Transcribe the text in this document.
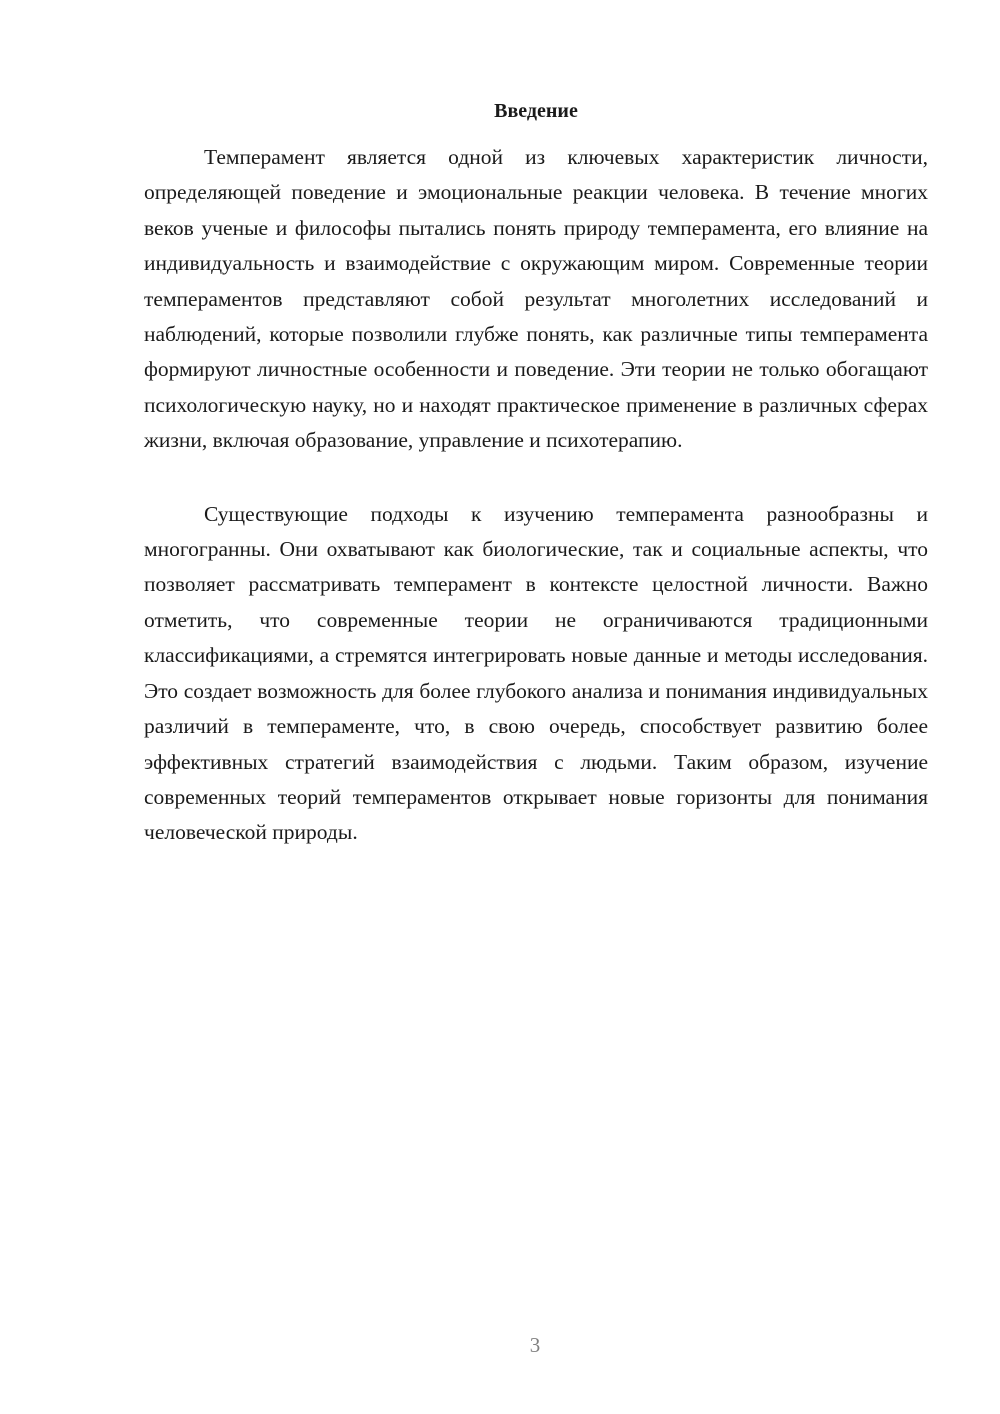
Введение

Темперамент является одной из ключевых характеристик личности, определяющей поведение и эмоциональные реакции человека. В течение многих веков ученые и философы пытались понять природу темперамента, его влияние на индивидуальность и взаимодействие с окружающим миром. Современные теории темпераментов представляют собой результат многолетних исследований и наблюдений, которые позволили глубже понять, как различные типы темперамента формируют личностные особенности и поведение. Эти теории не только обогащают психологическую науку, но и находят практическое применение в различных сферах жизни, включая образование, управление и психотерапию.

Существующие подходы к изучению темперамента разнообразны и многогранны. Они охватывают как биологические, так и социальные аспекты, что позволяет рассматривать темперамент в контексте целостной личности. Важно отметить, что современные теории не ограничиваются традиционными классификациями, а стремятся интегрировать новые данные и методы исследования. Это создает возможность для более глубокого анализа и понимания индивидуальных различий в темпераменте, что, в свою очередь, способствует развитию более эффективных стратегий взаимодействия с людьми. Таким образом, изучение современных теорий темпераментов открывает новые горизонты для понимания человеческой природы.

3
